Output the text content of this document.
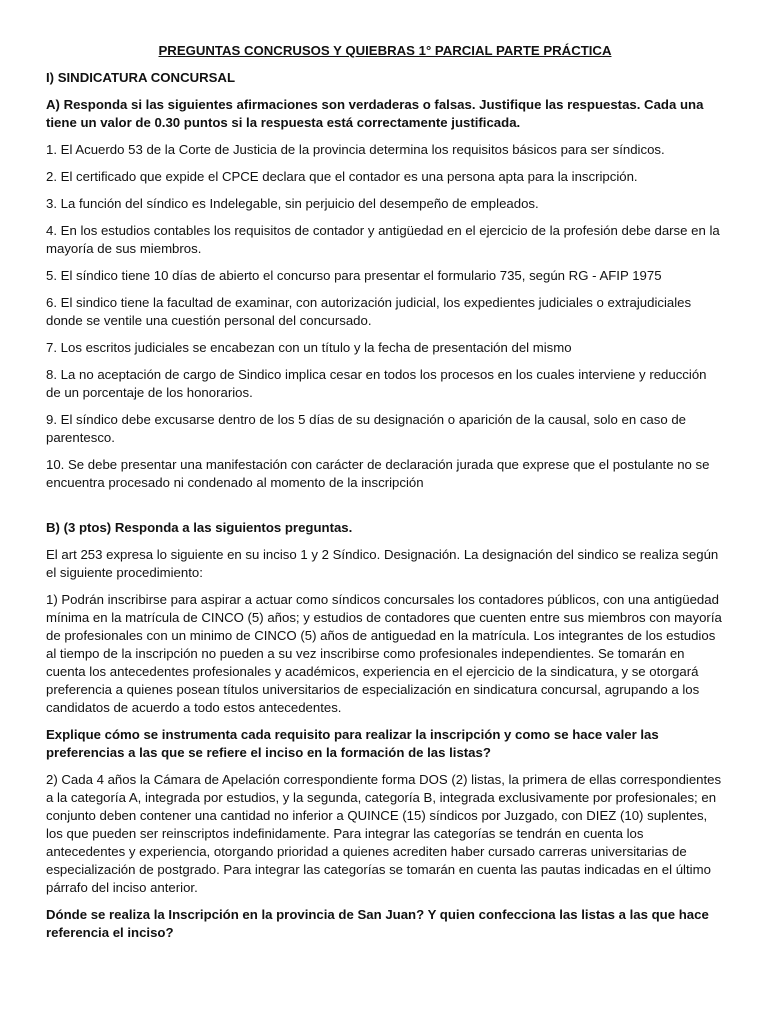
PREGUNTAS CONCRUSOS Y QUIEBRAS 1° PARCIAL PARTE PRÁCTICA

I) SINDICATURA CONCURSAL

A) Responda si las siguientes afirmaciones son verdaderas o falsas. Justifique las respuestas. Cada una tiene un valor de 0.30 puntos si la respuesta está correctamente justificada.

1. El Acuerdo 53 de la Corte de Justicia de la provincia determina los requisitos básicos para ser síndicos.

2. El certificado que expide el CPCE declara que el contador es una persona apta para la inscripción.

3. La función del síndico es Indelegable, sin perjuicio del desempeño de empleados.

4. En los estudios contables los requisitos de contador y antigüedad en el ejercicio de la profesión debe darse en la mayoría de sus miembros.

5. El síndico tiene 10 días de abierto el concurso para presentar el formulario 735, según RG - AFIP 1975

6. El sindico tiene la facultad de examinar, con autorización judicial, los expedientes judiciales o extrajudiciales donde se ventile una cuestión personal del concursado.

7. Los escritos judiciales se encabezan con un título y la fecha de presentación del mismo

8. La no aceptación de cargo de Sindico implica cesar en todos los procesos en los cuales interviene y reducción de un porcentaje de los honorarios.

9. El síndico debe excusarse dentro de los 5 días de su designación o aparición de la causal, solo en caso de parentesco.

10. Se debe presentar una manifestación con carácter de declaración jurada que exprese que el postulante no se encuentra procesado ni condenado al momento de la inscripción

B) (3 ptos) Responda a las siguientos preguntas.

El art 253 expresa lo siguiente en su inciso 1 y 2 Síndico. Designación. La designación del sindico se realiza según el siguiente procedimiento:

1) Podrán inscribirse para aspirar a actuar como síndicos concursales los contadores públicos, con una antigüedad mínima en la matrícula de CINCO (5) años; y estudios de contadores que cuenten entre sus miembros con mayoría de profesionales con un minimo de CINCO (5) años de antiguedad en la matrícula. Los integrantes de los estudios al tiempo de la inscripción no pueden a su vez inscribirse como profesionales independientes. Se tomarán en cuenta los antecedentes profesionales y académicos, experiencia en el ejercicio de la sindicatura, y se otorgará preferencia a quienes posean títulos universitarios de especialización en sindicatura concursal, agrupando a los candidatos de acuerdo a todo estos antecedentes.

Explique cómo se instrumenta cada requisito para realizar la inscripción y como se hace valer las preferencias a las que se refiere el inciso en la formación de las listas?

2) Cada 4 años la Cámara de Apelación correspondiente forma DOS (2) listas, la primera de ellas correspondientes a la categoría A, integrada por estudios, y la segunda, categoría B, integrada exclusivamente por profesionales; en conjunto deben contener una cantidad no inferior a QUINCE (15) síndicos por Juzgado, con DIEZ (10) suplentes, los que pueden ser reinscriptos indefinidamente. Para integrar las categorías se tendrán en cuenta los antecedentes y experiencia, otorgando prioridad a quienes acrediten haber cursado carreras universitarias de especialización de postgrado. Para integrar las categorías se tomarán en cuenta las pautas indicadas en el último párrafo del inciso anterior.

Dónde se realiza la Inscripción en la provincia de San Juan? Y quien confecciona las listas a las que hace referencia el inciso?
